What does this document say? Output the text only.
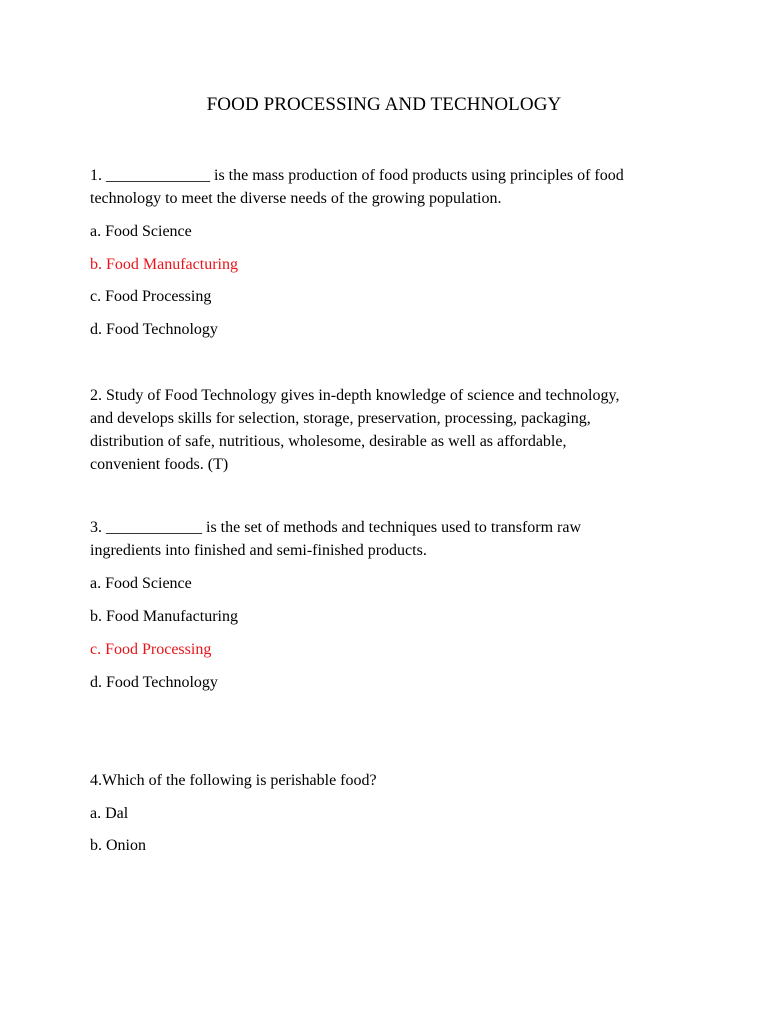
FOOD PROCESSING AND TECHNOLOGY
1. _____________ is the mass production of food products using principles of food
technology to meet the diverse needs of the growing population.
a. Food Science
b. Food Manufacturing
c. Food Processing
d. Food Technology
2. Study of Food Technology gives in-depth knowledge of science and technology,
and develops skills for selection, storage, preservation, processing, packaging,
distribution of safe, nutritious, wholesome, desirable as well as affordable,
convenient foods. (T)
3. ____________ is the set of methods and techniques used to transform raw
ingredients into finished and semi-finished products.
a. Food Science
b. Food Manufacturing
c. Food Processing
d. Food Technology
4.Which of the following is perishable food?
a. Dal
b. Onion
